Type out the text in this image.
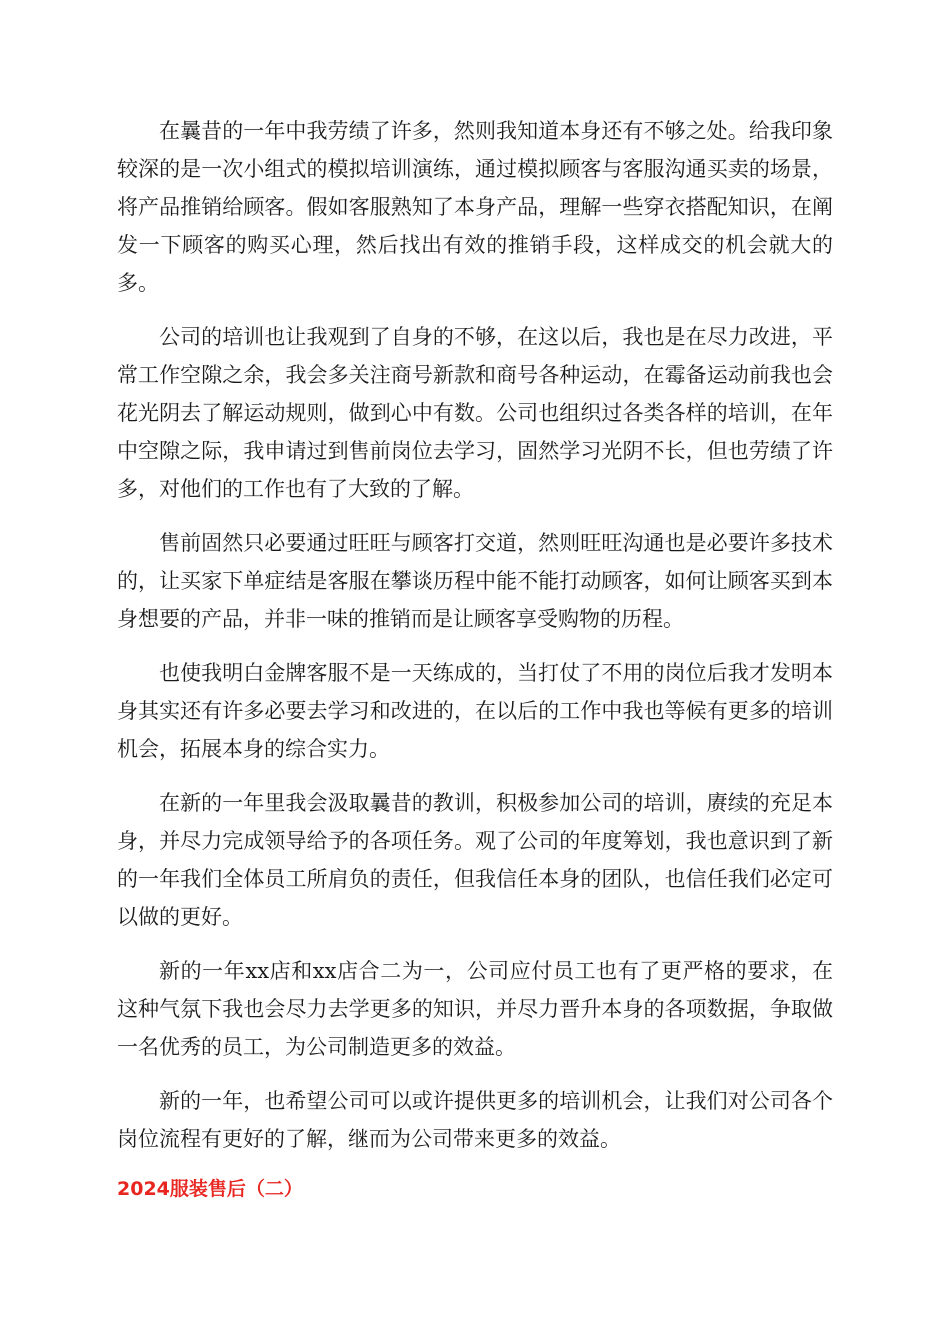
在曩昔的一年中我劳绩了许多，然则我知道本身还有不够之处。给我印象较深的是一次小组式的模拟培训演练，通过模拟顾客与客服沟通买卖的场景，将产品推销给顾客。假如客服熟知了本身产品，理解一些穿衣搭配知识，在阐发一下顾客的购买心理，然后找出有效的推销手段，这样成交的机会就大的多。

公司的培训也让我观到了自身的不够，在这以后，我也是在尽力改进，平常工作空隙之余，我会多关注商号新款和商号各种运动，在霉备运动前我也会花光阴去了解运动规则，做到心中有数。公司也组织过各类各样的培训，在年中空隙之际，我申请过到售前岗位去学习，固然学习光阴不长，但也劳绩了许多，对他们的工作也有了大致的了解。

售前固然只必要通过旺旺与顾客打交道，然则旺旺沟通也是必要许多技术的，让买家下单症结是客服在攀谈历程中能不能打动顾客，如何让顾客买到本身想要的产品，并非一味的推销而是让顾客享受购物的历程。

也使我明白金牌客服不是一天练成的，当打仗了不用的岗位后我才发明本身其实还有许多必要去学习和改进的，在以后的工作中我也等候有更多的培训机会，拓展本身的综合实力。

在新的一年里我会汲取曩昔的教训，积极参加公司的培训，赓续的充足本身，并尽力完成领导给予的各项任务。观了公司的年度筹划，我也意识到了新的一年我们全体员工所肩负的责任，但我信任本身的团队，也信任我们必定可以做的更好。

新的一年xx店和xx店合二为一，公司应付员工也有了更严格的要求，在这种气氛下我也会尽力去学更多的知识，并尽力晋升本身的各项数据，争取做一名优秀的员工，为公司制造更多的效益。

新的一年，也希望公司可以或许提供更多的培训机会，让我们对公司各个岗位流程有更好的了解，继而为公司带来更多的效益。

2024服装售后（二）
